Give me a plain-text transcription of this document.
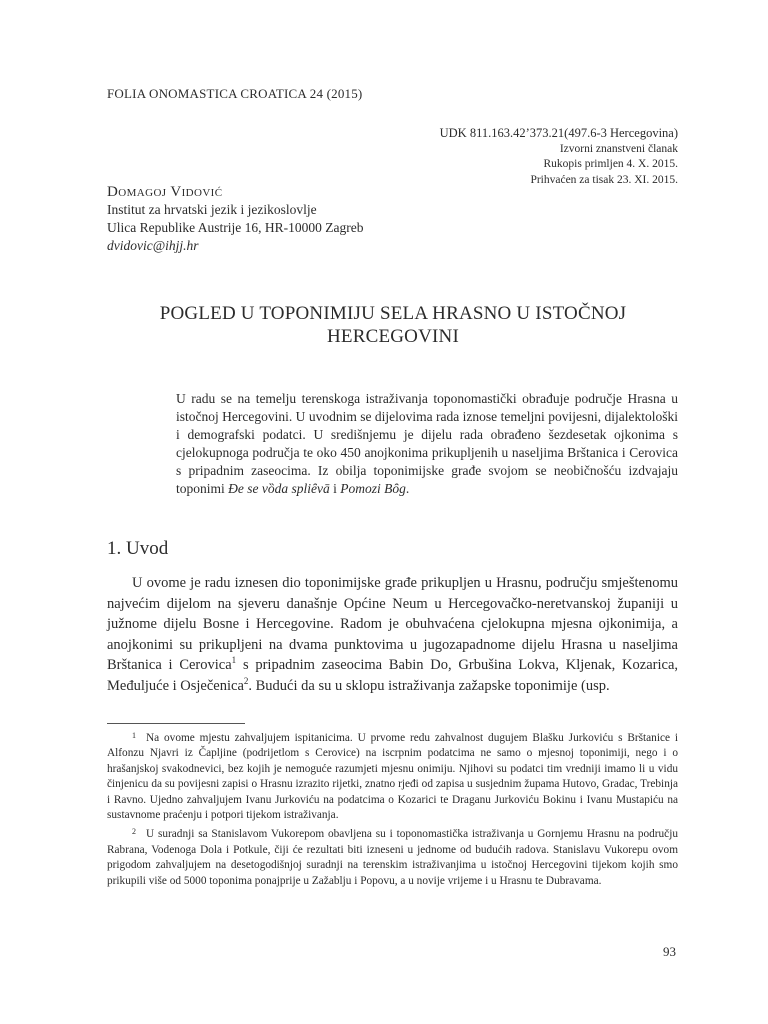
FOLIA ONOMASTICA CROATICA 24 (2015)
UDK 811.163.42’373.21(497.6-3 Hercegovina)
Izvorni znanstveni članak
Rukopis primljen 4. X. 2015.
Prihvaćen za tisak 23. XI. 2015.
Domagoj Vidović
Institut za hrvatski jezik i jezikoslovlje
Ulica Republike Austrije 16, HR-10000 Zagreb
dvidovic@ihjj.hr
POGLED U TOPONIMIJU SELA HRASNO U ISTOČNOJ
HERCEGOVINI
U radu se na temelju terenskoga istraživanja toponomastički obrađuje područje Hrasna u istočnoj Hercegovini. U uvodnim se dijelovima rada iznose temeljni povijesni, dijalektološki i demografski podatci. U središnjemu je dijelu rada obrađeno šezdesetak ojkonima s cjelokupnoga područja te oko 450 anojkonima prikupljenih u naseljima Brštanica i Cerovica s pripadnim zaseocima. Iz obilja toponimijske građe svojom se neobičnošću izdvajaju toponimi Đe se vȍda spliȇvā i Pomozi Bȏg.
1. Uvod
U ovome je radu iznesen dio toponimijske građe prikupljen u Hrasnu, području smještenomu najvećim dijelom na sjeveru današnje Općine Neum u Hercegovačko-neretvanskoj županiji u južnome dijelu Bosne i Hercegovine. Radom je obuhvaćena cjelokupna mjesna ojkonimija, a anojkonimi su prikupljeni na dvama punktovima u jugozapadnome dijelu Hrasna u naseljima Brštanica i Cerovica$^1$ s pripadnim zaseocima Babin Do, Grbušina Lokva, Kljenak, Kozarica, Međuljuće i Osječenica$^2$. Budući da su u sklopu istraživanja zažapske toponimije (usp.

$^1$ Na ovome mjestu zahvaljujem ispitanicima. U prvome redu zahvalnost dugujem Blašku Jurkoviću s Brštanice i Alfonzu Njavri iz Čapljine (podrijetlom s Cerovice) na iscrpnim podatcima ne samo o mjesnoj toponimiji, nego i o hrašanjskoj svakodnevici, bez kojih je nemoguće razumjeti mjesnu onimiju. Njihovi su podatci tim vredniji imamo li u vidu činjenicu da su povijesni zapisi o Hrasnu izrazito rijetki, znatno rjeđi od zapisa u susjednim župama Hutovo, Gradac, Trebinja i Ravno. Ujedno zahvaljujem Ivanu Jurkoviću na podatcima o Kozarici te Draganu Jurkoviću Bokinu i Ivanu Mustapiću na sustavnome praćenju i potpori tijekom istraživanja.

$^2$ U suradnji sa Stanislavom Vukorepom obavljena su i toponomastička istraživanja u Gornjemu Hrasnu na području Rabrana, Vodenoga Dola i Potkule, čiji će rezultati biti izneseni u jednome od budućih radova. Stanislavu Vukorepu ovom prigodom zahvaljujem na desetogodišnjoj suradnji na terenskim istraživanjima u istočnoj Hercegovini tijekom kojih smo prikupili više od 5000 toponima ponajprije u Zažablju i Popovu, a u novije vrijeme i u Hrasnu te Dubravama.

93
